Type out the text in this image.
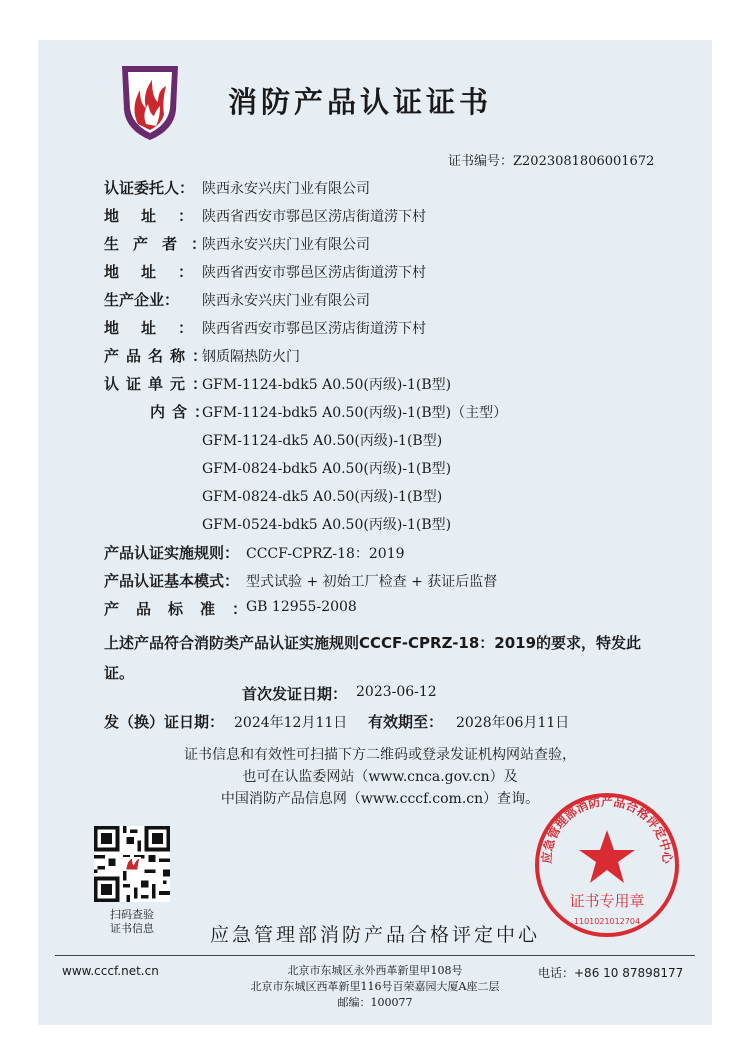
消防产品认证证书
证书编号：Z2023081806001672
认证委托人： 陕西永安兴庆门业有限公司
地址：
陕西省西安市鄠邑区涝店街道涝下村
生产者：
陕西永安兴庆门业有限公司
地址：
陕西省西安市鄠邑区涝店街道涝下村
生产企业： 陕西永安兴庆门业有限公司
地址：
陕西省西安市鄠邑区涝店街道涝下村
产品名称：
钢质隔热防火门
认证单元：
GFM-1124-bdk5 A0.50(丙级)-1(B型)
内含：
GFM-1124-bdk5 A0.50(丙级)-1(B型)（主型）
GFM-1124-dk5 A0.50(丙级)-1(B型)
GFM-0824-bdk5 A0.50(丙级)-1(B型)
GFM-0824-dk5 A0.50(丙级)-1(B型)
GFM-0524-bdk5 A0.50(丙级)-1(B型)
产品认证实施规则： CCCF-CPRZ-18：2019
产品认证基本模式： 型式试验 + 初始工厂检查 + 获证后监督
产品标准：
GB 12955-2008
上述产品符合消防类产品认证实施规则CCCF-CPRZ-18：2019的要求，特发此证。
首次发证日期： 2023-06-12
发（换）证日期： 2024年12月11日 有效期至： 2028年06月11日
证书信息和有效性可扫描下方二维码或登录发证机构网站查验，
也可在认监委网站（www.cnca.gov.cn）及
中国消防产品信息网（www.cccf.com.cn）查询。
扫码查验
证书信息	应急管理部消防产品合格评定中心
应急管理部消防产品合格评定中心
证书专用章
1101021012704
www.cccf.net.cn	北京市东城区永外西革新里甲108号
北京市东城区西革新里116号百荣嘉园大厦A座二层
邮编：100077
电话：+86 10 87898177
